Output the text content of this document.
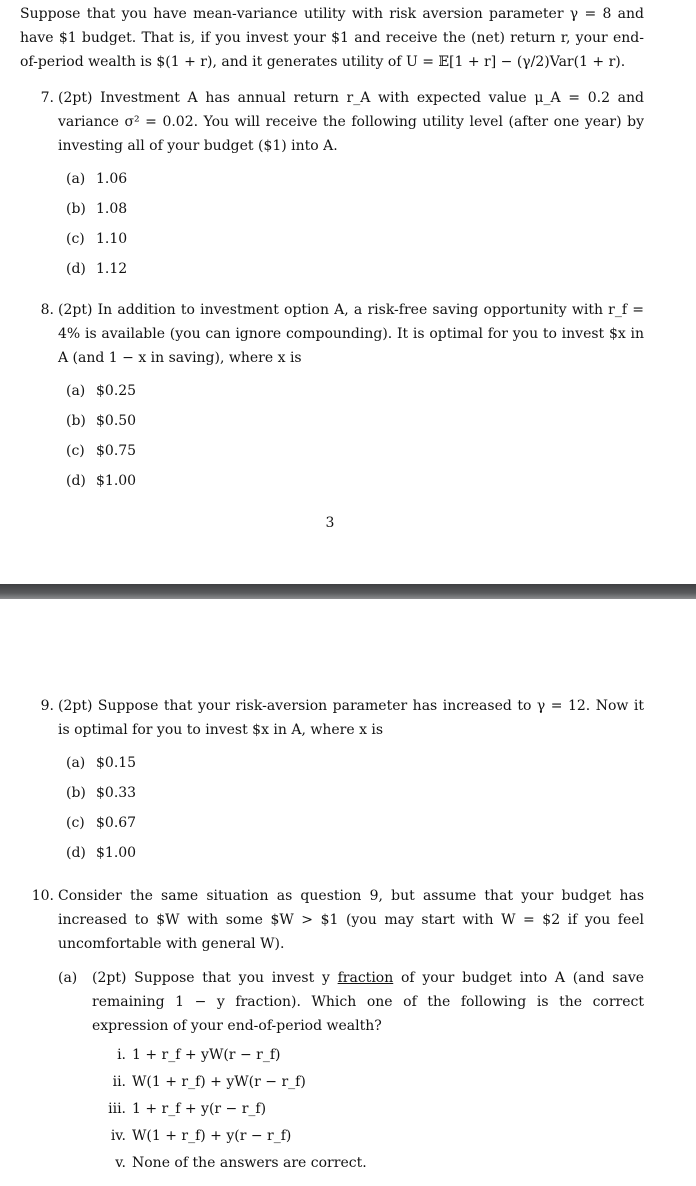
Suppose that you have mean-variance utility with risk aversion parameter γ = 8 and have $1 budget. That is, if you invest your $1 and receive the (net) return r, your end-of-period wealth is $(1 + r), and it generates utility of U = 𝔼[1 + r] − (γ/2)Var(1 + r).
7. (2pt) Investment A has annual return r_A with expected value μ_A = 0.2 and variance σ² = 0.02. You will receive the following utility level (after one year) by investing all of your budget ($1) into A.
(a) 1.06
(b) 1.08
(c) 1.10
(d) 1.12
8. (2pt) In addition to investment option A, a risk-free saving opportunity with r_f = 4% is available (you can ignore compounding). It is optimal for you to invest $x in A (and 1 − x in saving), where x is
(a) $0.25
(b) $0.50
(c) $0.75
(d) $1.00
3
9. (2pt) Suppose that your risk-aversion parameter has increased to γ = 12. Now it is optimal for you to invest $x in A, where x is
(a) $0.15
(b) $0.33
(c) $0.67
(d) $1.00
10. Consider the same situation as question 9, but assume that your budget has increased to $W with some $W > $1 (you may start with W = $2 if you feel uncomfortable with general W).
(a) (2pt) Suppose that you invest y fraction of your budget into A (and save remaining 1 − y fraction). Which one of the following is the correct expression of your end-of-period wealth?
i. 1 + r_f + yW(r − r_f)
ii. W(1 + r_f) + yW(r − r_f)
iii. 1 + r_f + y(r − r_f)
iv. W(1 + r_f) + y(r − r_f)
v. None of the answers are correct.
